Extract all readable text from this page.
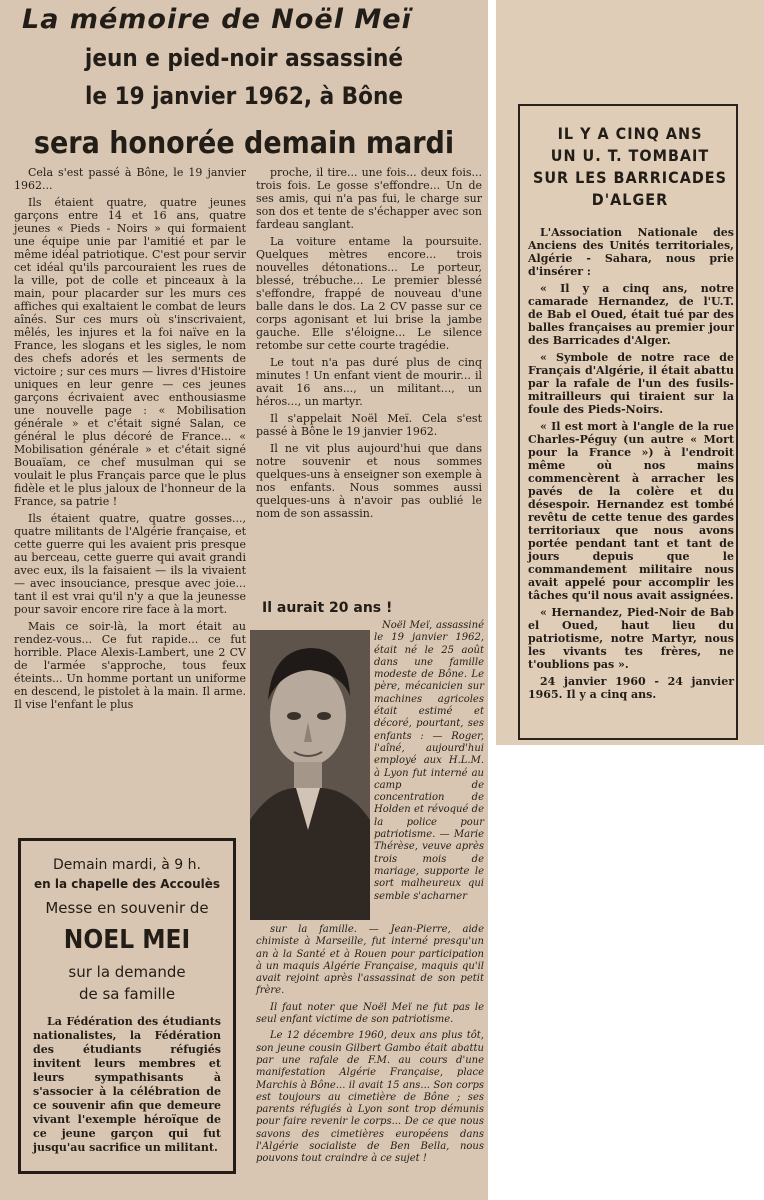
La mémoire de Noël Meï
jeun e pied-noir assassiné
le 19 janvier 1962, à Bône
sera honorée demain mardi

Cela s'est passé à Bône, le 19 janvier 1962...

Ils étaient quatre, quatre jeunes garçons entre 14 et 16 ans, quatre jeunes « Pieds - Noirs » qui formaient une équipe unie par l'amitié et par le même idéal patriotique. C'est pour servir cet idéal qu'ils parcouraient les rues de la ville, pot de colle et pinceaux à la main, pour placarder sur les murs ces affiches qui exaltaient le combat de leurs aînés. Sur ces murs où s'inscrivaient, mêlés, les injures et la foi naïve en la France, les slogans et les sigles, le nom des chefs adorés et les serments de victoire ; sur ces murs — livres d'Histoire uniques en leur genre — ces jeunes garçons écrivaient avec enthousiasme une nouvelle page : « Mobilisation générale » et c'était signé Salan, ce général le plus décoré de France... « Mobilisation générale » et c'était signé Bouaïam, ce chef musulman qui se voulait le plus Français parce que le plus fidèle et le plus jaloux de l'honneur de la France, sa patrie !

Ils étaient quatre, quatre gosses..., quatre militants de l'Algérie française, et cette guerre qui les avaient pris presque au berceau, cette guerre qui avait grandi avec eux, ils la faisaient — ils la vivaient — avec insouciance, presque avec joie... tant il est vrai qu'il n'y a que la jeunesse pour savoir encore rire face à la mort.

Mais ce soir-là, la mort était au rendez-vous... Ce fut rapide... ce fut horrible. Place Alexis-Lambert, une 2 CV de l'armée s'approche, tous feux éteints... Un homme portant un uniforme en descend, le pistolet à la main. Il arme. Il vise l'enfant le plus

proche, il tire... une fois... deux fois... trois fois. Le gosse s'effondre... Un de ses amis, qui n'a pas fui, le charge sur son dos et tente de s'échapper avec son fardeau sanglant.

La voiture entame la poursuite. Quelques mètres encore... trois nouvelles détonations... Le porteur, blessé, trébuche... Le premier blessé s'effondre, frappé de nouveau d'une balle dans le dos. La 2 CV passe sur ce corps agonisant et lui brise la jambe gauche. Elle s'éloigne... Le silence retombe sur cette courte tragédie.

Le tout n'a pas duré plus de cinq minutes ! Un enfant vient de mourir... il avait 16 ans..., un militant..., un héros..., un martyr.

Il s'appelait Noël Meï. Cela s'est passé à Bône le 19 janvier 1962.

Il ne vit plus aujourd'hui que dans notre souvenir et nous sommes quelques-uns à enseigner son exemple à nos enfants. Nous sommes aussi quelques-uns à n'avoir pas oublié le nom de son assassin.

Il aurait 20 ans !

Noël Meï, assassiné le 19 janvier 1962, était né le 25 août dans une famille modeste de Bône. Le père, mécanicien sur machines agricoles était estimé et décoré, pourtant, ses enfants : — Roger, l'aîné, aujourd'hui employé aux H.L.M. à Lyon fut interné au camp de concentration de Holden et révoqué de la police pour patriotisme. — Marie Thérèse, veuve après trois mois de mariage, supporte le sort malheureux qui semble s'acharner

sur la famille. — Jean-Pierre, aide chimiste à Marseille, fut interné presqu'un an à la Santé et à Rouen pour participation à un maquis Algérie Française, maquis qu'il avait rejoint après l'assassinat de son petit frère.

Il faut noter que Noël Meï ne fut pas le seul enfant victime de son patriotisme.

Le 12 décembre 1960, deux ans plus tôt, son jeune cousin Gilbert Gambo était abattu par une rafale de F.M. au cours d'une manifestation Algérie Française, place Marchis à Bône... il avait 15 ans... Son corps est toujours au cimetière de Bône ; ses parents réfugiés à Lyon sont trop démunis pour faire revenir le corps... De ce que nous savons des cimetières européens dans l'Algérie socialiste de Ben Bella, nous pouvons tout craindre à ce sujet !

Demain mardi, à 9 h.
en la chapelle des Accoulès
Messe en souvenir de
NOEL MEI
sur la demande
de sa famille
La Fédération des étudiants nationalistes, la Fédération des étudiants réfugiés invitent leurs membres et leurs sympathisants à s'associer à la célébration de ce souvenir afin que demeure vivant l'exemple héroïque de ce jeune garçon qui fut jusqu'au sacrifice un militant.
IL Y A CINQ ANS
UN U. T. TOMBAIT
SUR LES BARRICADES
D'ALGER

L'Association Nationale des Anciens des Unités territoriales, Algérie - Sahara, nous prie d'insérer :

« Il y a cinq ans, notre camarade Hernandez, de l'U.T. de Bab el Oued, était tué par des balles françaises au premier jour des Barricades d'Alger.

« Symbole de notre race de Français d'Algérie, il était abattu par la rafale de l'un des fusils-mitrailleurs qui tiraient sur la foule des Pieds-Noirs.

« Il est mort à l'angle de la rue Charles-Péguy (un autre « Mort pour la France ») à l'endroit même où nos mains commencèrent à arracher les pavés de la colère et du désespoir. Hernandez est tombé revêtu de cette tenue des gardes territoriaux que nous avons portée pendant tant et tant de jours depuis que le commandement militaire nous avait appelé pour accomplir les tâches qu'il nous avait assignées.

« Hernandez, Pied-Noir de Bab el Oued, haut lieu du patriotisme, notre Martyr, nous les vivants tes frères, ne t'oublions pas ».

24 janvier 1960 - 24 janvier 1965. Il y a cinq ans.
